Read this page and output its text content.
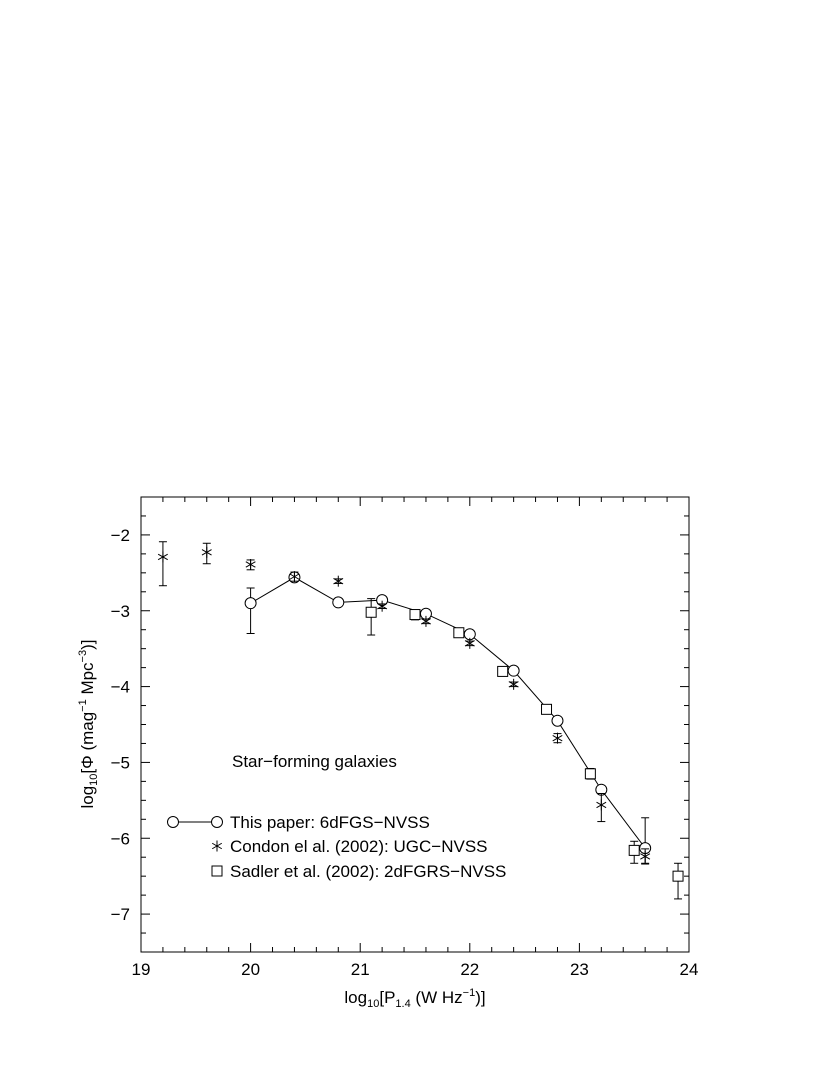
19	20	21	22	23	24
−2
−3
−4
−5
−6
−7
Star−forming galaxies
This paper: 6dFGS−NVSS
Condon el al. (2002): UGC−NVSS
Sadler et al. (2002): 2dFGRS−NVSS
$\log_{10}[P_{1.4}$ (W $Hz^{-1}$)]
$\log_{10}[\Phi$ (mag$^{-1}$ Mpc$^{-3}$)]
